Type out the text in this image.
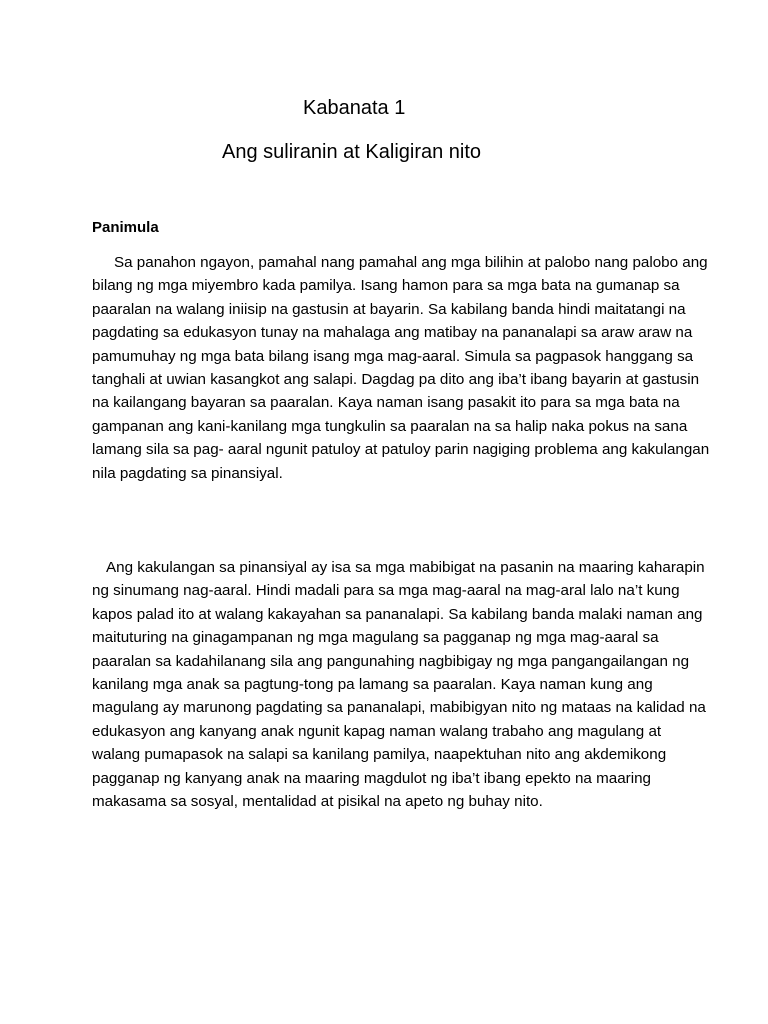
Kabanata 1
Ang suliranin at Kaligiran nito
Panimula

Sa panahon ngayon, pamahal nang pamahal ang mga bilihin at palobo nang palobo ang bilang ng mga miyembro kada pamilya. Isang hamon para sa mga bata na gumanap sa paaralan na walang iniisip na gastusin at bayarin. Sa kabilang banda hindi maitatangi na pagdating sa edukasyon tunay na mahalaga ang matibay na pananalapi sa araw araw na pamumuhay ng mga bata bilang isang mga mag-aaral. Simula sa pagpasok hanggang sa tanghali at uwian kasangkot ang salapi. Dagdag pa dito ang iba’t ibang bayarin at gastusin na kailangang bayaran sa paaralan. Kaya naman isang pasakit ito para sa mga bata na gampanan ang kani-kanilang mga tungkulin sa paaralan na sa halip naka pokus na sana lamang sila sa pag- aaral ngunit patuloy at patuloy parin nagiging problema ang kakulangan nila pagdating sa pinansiyal.

Ang kakulangan sa pinansiyal ay isa sa mga mabibigat na pasanin na maaring kaharapin ng sinumang nag-aaral. Hindi madali para sa mga mag-aaral na mag-aral lalo na’t kung kapos palad ito at walang kakayahan sa pananalapi. Sa kabilang banda malaki naman ang maituturing na ginagampanan ng mga magulang sa pagganap ng mga mag-aaral sa paaralan sa kadahilanang sila ang pangunahing nagbibigay ng mga pangangailangan ng kanilang mga anak sa pagtung-tong pa lamang sa paaralan. Kaya naman kung ang magulang ay marunong pagdating sa pananalapi, mabibigyan nito ng mataas na kalidad na edukasyon ang kanyang anak ngunit kapag naman walang trabaho ang magulang at walang pumapasok na salapi sa kanilang pamilya, naapektuhan nito ang akdemikong pagganap ng kanyang anak na maaring magdulot ng iba’t ibang epekto na maaring makasama sa sosyal, mentalidad at pisikal na apeto ng buhay nito.
